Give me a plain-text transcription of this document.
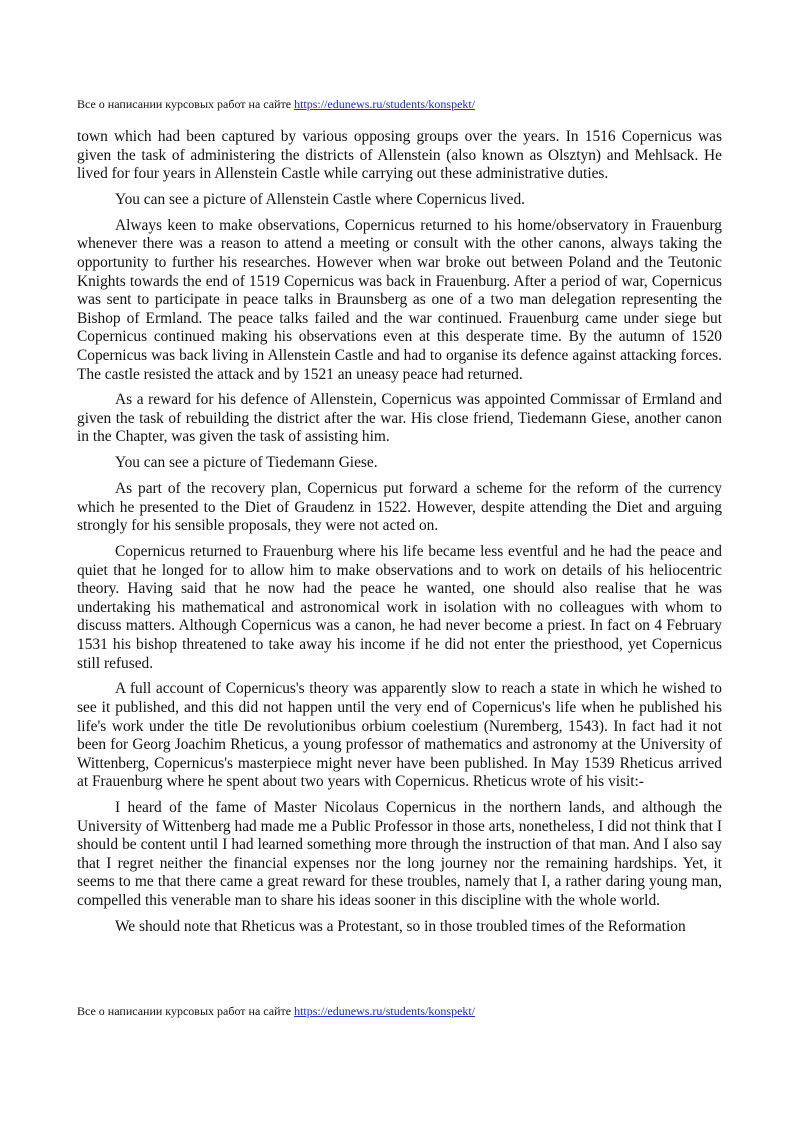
Все о написании курсовых работ на сайте https://edunews.ru/students/konspekt/

town which had been captured by various opposing groups over the years. In 1516 Copernicus was given the task of administering the districts of Allenstein (also known as Olsztyn) and Mehlsack. He lived for four years in Allenstein Castle while carrying out these administrative duties.

You can see a picture of Allenstein Castle where Copernicus lived.

Always keen to make observations, Copernicus returned to his home/observatory in Frauenburg whenever there was a reason to attend a meeting or consult with the other canons, always taking the opportunity to further his researches. However when war broke out between Poland and the Teutonic Knights towards the end of 1519 Copernicus was back in Frauenburg. After a period of war, Copernicus was sent to participate in peace talks in Braunsberg as one of a two man delegation representing the Bishop of Ermland. The peace talks failed and the war continued. Frauenburg came under siege but Copernicus continued making his observations even at this desperate time. By the autumn of 1520 Copernicus was back living in Allenstein Castle and had to organise its defence against attacking forces. The castle resisted the attack and by 1521 an uneasy peace had returned.

As a reward for his defence of Allenstein, Copernicus was appointed Commissar of Ermland and given the task of rebuilding the district after the war. His close friend, Tiedemann Giese, another canon in the Chapter, was given the task of assisting him.

You can see a picture of Tiedemann Giese.

As part of the recovery plan, Copernicus put forward a scheme for the reform of the currency which he presented to the Diet of Graudenz in 1522. However, despite attending the Diet and arguing strongly for his sensible proposals, they were not acted on.

Copernicus returned to Frauenburg where his life became less eventful and he had the peace and quiet that he longed for to allow him to make observations and to work on details of his heliocentric theory. Having said that he now had the peace he wanted, one should also realise that he was undertaking his mathematical and astronomical work in isolation with no colleagues with whom to discuss matters. Although Copernicus was a canon, he had never become a priest. In fact on 4 February 1531 his bishop threatened to take away his income if he did not enter the priesthood, yet Copernicus still refused.

A full account of Copernicus's theory was apparently slow to reach a state in which he wished to see it published, and this did not happen until the very end of Copernicus's life when he published his life's work under the title De revolutionibus orbium coelestium (Nuremberg, 1543). In fact had it not been for Georg Joachim Rheticus, a young professor of mathematics and astronomy at the University of Wittenberg, Copernicus's masterpiece might never have been published. In May 1539 Rheticus arrived at Frauenburg where he spent about two years with Copernicus. Rheticus wrote of his visit:-

I heard of the fame of Master Nicolaus Copernicus in the northern lands, and although the University of Wittenberg had made me a Public Professor in those arts, nonetheless, I did not think that I should be content until I had learned something more through the instruction of that man. And I also say that I regret neither the financial expenses nor the long journey nor the remaining hardships. Yet, it seems to me that there came a great reward for these troubles, namely that I, a rather daring young man, compelled this venerable man to share his ideas sooner in this discipline with the whole world.

We should note that Rheticus was a Protestant, so in those troubled times of the Reformation

Все о написании курсовых работ на сайте https://edunews.ru/students/konspekt/
